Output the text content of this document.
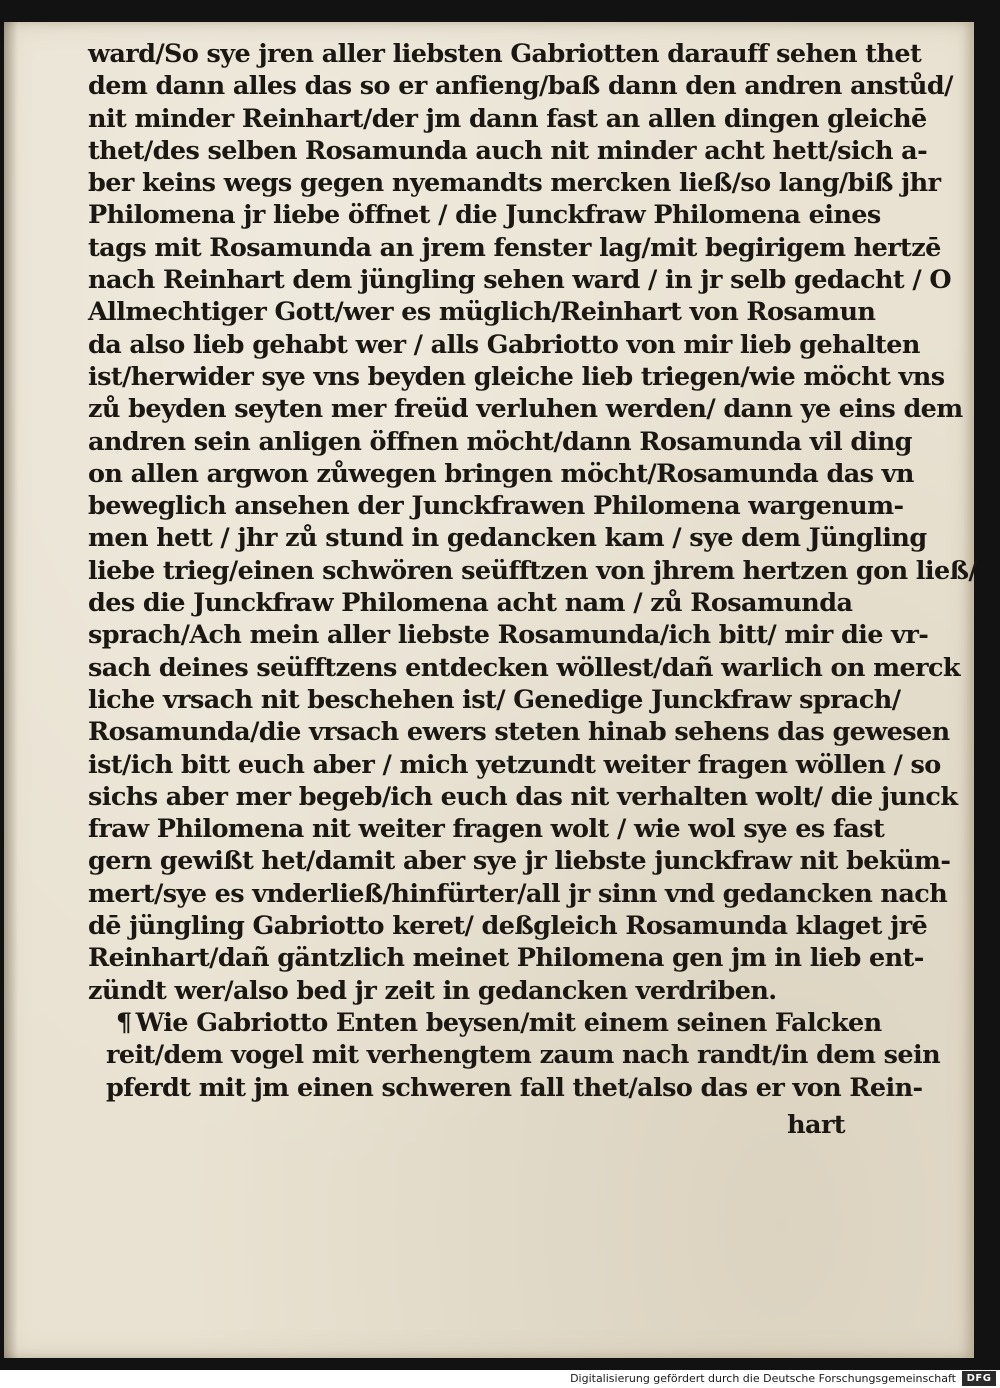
ward/So sye jren aller liebsten Gabriotten darauff sehen thet
dem dann alles das so er anfieng/baß dann den andren anstůd/
nit minder Reinhart/der jm dann fast an allen dingen gleichē
thet/des selben Rosamunda auch nit minder acht hett/sich a-
ber keins wegs gegen nyemandts mercken ließ/so lang/biß jhr
Philomena jr liebe öffnet / die Junckfraw Philomena eines
tags mit Rosamunda an jrem fenster lag/mit begirigem hertzē
nach Reinhart dem jüngling sehen ward / in jr selb gedacht / O
Allmechtiger Gott/wer es müglich/Reinhart von Rosamun
da also lieb gehabt wer / alls Gabriotto von mir lieb gehalten
ist/herwider sye vns beyden gleiche lieb triegen/wie möcht vns
zů beyden seyten mer freüd verluhen werden/ dann ye eins dem
andren sein anligen öffnen möcht/dann Rosamunda vil ding
on allen argwon zůwegen bringen möcht/Rosamunda das vn
beweglich ansehen der Junckfrawen Philomena wargenum-
men hett / jhr zů stund in gedancken kam / sye dem Jüngling
liebe trieg/einen schwören seüfftzen von jhrem hertzen gon ließ/
des die Junckfraw Philomena acht nam / zů Rosamunda
sprach/Ach mein aller liebste Rosamunda/ich bitt/ mir die vr-
sach deines seüfftzens entdecken wöllest/dañ warlich on merck
liche vrsach nit beschehen ist/ Genedige Junckfraw sprach/
Rosamunda/die vrsach ewers steten hinab sehens das gewesen
ist/ich bitt euch aber / mich yetzundt weiter fragen wöllen / so
sichs aber mer begeb/ich euch das nit verhalten wolt/ die junck
fraw Philomena nit weiter fragen wolt / wie wol sye es fast
gern gewißt het/damit aber sye jr liebste junckfraw nit beküm-
mert/sye es vnderließ/hinfürter/all jr sinn vnd gedancken nach
dē jüngling Gabriotto keret/ deßgleich Rosamunda klaget jrē
Reinhart/dañ gäntzlich meinet Philomena gen jm in lieb ent-
zündt wer/also bed jr zeit in gedancken verdriben.
¶ Wie Gabriotto Enten beysen/mit einem seinen Falcken
reit/dem vogel mit verhengtem zaum nach randt/in dem sein
pferdt mit jm einen schweren fall thet/also das er von Rein-
hart
Digitalisierung gefördert durch die Deutsche Forschungsgemeinschaft	DFG
